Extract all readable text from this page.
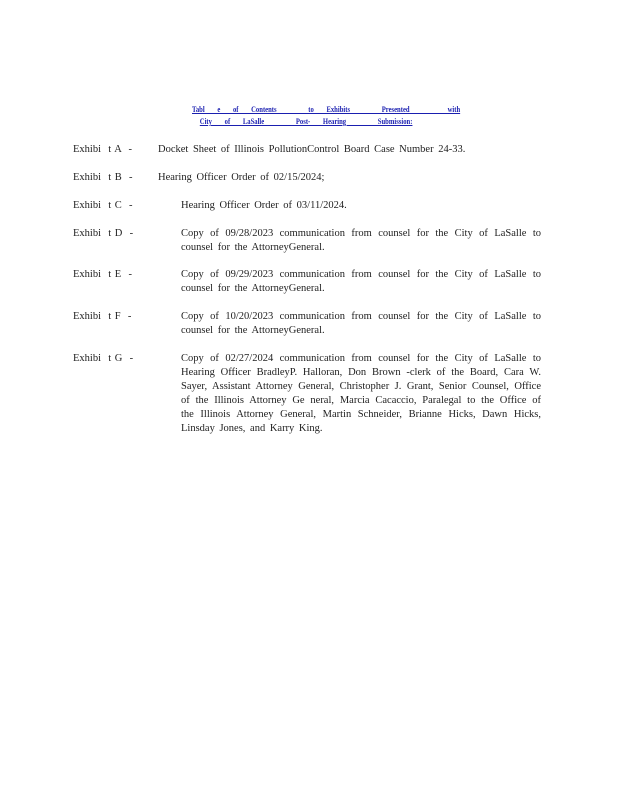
Tabl  e  of  Contents     to  Exhibits     Presented      with
City  of  LaSalle     Post-  Hearing     Submission:
Exhibi  t A  - Docket Sheet of Illinois PollutionControl Board Case Number 24-33.
Exhibi  t B  - Hearing Officer Order of 02/15/2024;
Exhibi  t C  -	Hearing Officer Order of 03/11/2024.
Exhibi  t D  -	Copy of 09/28/2023 communication from counsel for the City of LaSalle to counsel for the AttorneyGeneral.
Exhibi  t E  -	Copy of 09/29/2023 communication from counsel for the City of LaSalle to counsel for the AttorneyGeneral.
Exhibi  t F  -	Copy of 10/20/2023 communication from counsel for the City of LaSalle to counsel for the AttorneyGeneral.
Exhibi  t G  -	Copy of 02/27/2024 communication from counsel for the City of LaSalle to Hearing Officer BradleyP. Halloran, Don Brown -clerk of the Board, Cara W. Sayer, Assistant Attorney General, Christopher J. Grant, Senior Counsel, Office of the Illinois Attorney Ge neral, Marcia Cacaccio, Paralegal to the Office of the Illinois Attorney General, Martin Schneider, Brianne Hicks, Dawn Hicks, Linsday Jones, and Karry King.
